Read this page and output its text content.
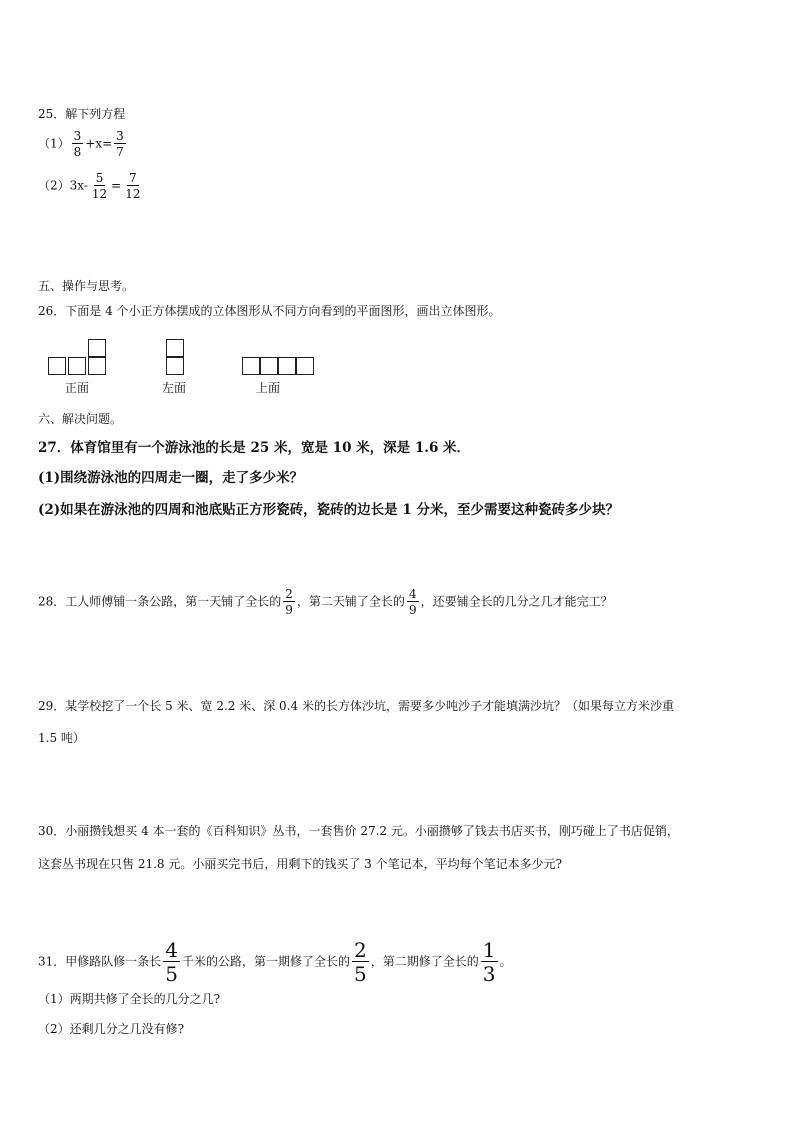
25．解下列方程
$(1) \frac{3}{8} +x= \frac{3}{7}$
$(2)3x- \frac{5}{12} = \frac{7}{12}$
五、操作与思考。
26．下面是 4 个小正方体摆成的立体图形从不同方向看到的平面图形，画出立体图形。
正面	左面	上面
六、解决问题。
27．体育馆里有一个游泳池的长是 25 米，宽是 10 米，深是 1.6 米．
(1)围绕游泳池的四周走一圈，走了多少米？
(2)如果在游泳池的四周和池底贴正方形瓷砖，瓷砖的边长是 1 分米，至少需要这种瓷砖多少块？
28．工人师傅铺一条公路，第一天铺了全长的 $\frac{2}{9}$ ，第二天铺了全长的 $\frac{4}{9}$ ，还要铺全长的几分之几才能完工？
29．某学校挖了一个长 5 米、宽 2.2 米、深 0.4 米的长方体沙坑，需要多少吨沙子才能填满沙坑？（如果每立方米沙重
1.5 吨）
30．小丽攒钱想买 4 本一套的《百科知识》丛书，一套售价 27.2 元。小丽攒够了钱去书店买书，刚巧碰上了书店促销，
这套丛书现在只售 21.8 元。小丽买完书后，用剩下的钱买了 3 个笔记本，平均每个笔记本多少元?
31．甲修路队修一条长 $\frac{4}{5}$ 千米的公路，第一期修了全长的 $\frac{2}{5}$ ，第二期修了全长的 $\frac{1}{3}$ 。
（1）两期共修了全长的几分之几?
（2）还剩几分之几没有修?
